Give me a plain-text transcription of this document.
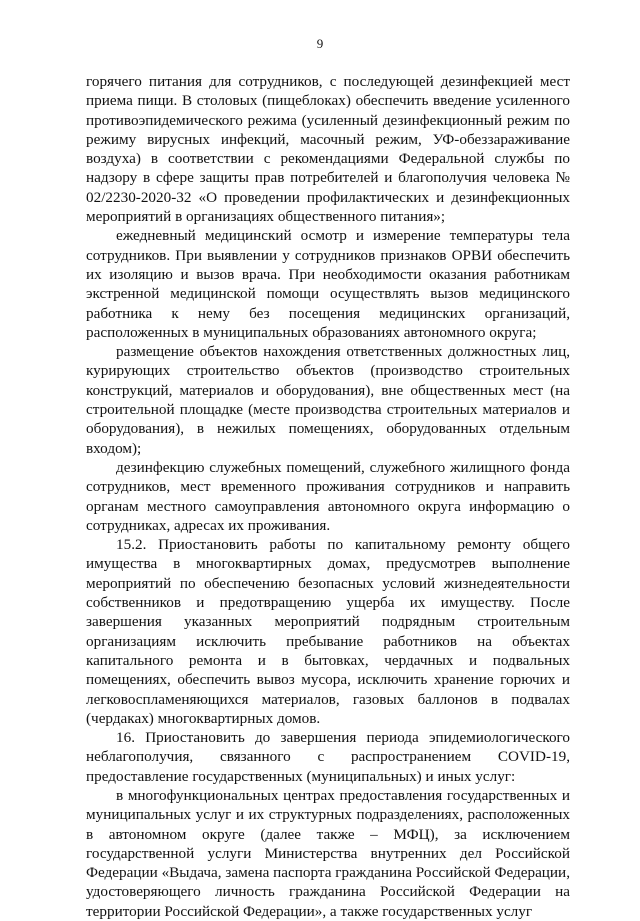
9

горячего питания для сотрудников, с последующей дезинфекцией мест приема пищи. В столовых (пищеблоках) обеспечить введение усиленного противоэпидемического режима (усиленный дезинфекционный режим по режиму вирусных инфекций, масочный режим, УФ-обеззараживание воздуха) в соответствии с рекомендациями Федеральной службы по надзору в сфере защиты прав потребителей и благополучия человека № 02/2230-2020-32 «О проведении профилактических и дезинфекционных мероприятий в организациях общественного питания»;

ежедневный медицинский осмотр и измерение температуры тела сотрудников. При выявлении у сотрудников признаков ОРВИ обеспечить их изоляцию и вызов врача. При необходимости оказания работникам экстренной медицинской помощи осуществлять вызов медицинского работника к нему без посещения медицинских организаций, расположенных в муниципальных образованиях автономного округа;

размещение объектов нахождения ответственных должностных лиц, курирующих строительство объектов (производство строительных конструкций, материалов и оборудования), вне общественных мест (на строительной площадке (месте производства строительных материалов и оборудования), в нежилых помещениях, оборудованных отдельным входом);

дезинфекцию служебных помещений, служебного жилищного фонда сотрудников, мест временного проживания сотрудников и направить органам местного самоуправления автономного округа информацию о сотрудниках, адресах их проживания.

15.2. Приостановить работы по капитальному ремонту общего имущества в многоквартирных домах, предусмотрев выполнение мероприятий по обеспечению безопасных условий жизнедеятельности собственников и предотвращению ущерба их имуществу. После завершения указанных мероприятий подрядным строительным организациям исключить пребывание работников на объектах капитального ремонта и в бытовках, чердачных и подвальных помещениях, обеспечить вывоз мусора, исключить хранение горючих и легковоспламеняющихся материалов, газовых баллонов в подвалах (чердаках) многоквартирных домов.

16. Приостановить до завершения периода эпидемиологического неблагополучия, связанного с распространением COVID-19, предоставление государственных (муниципальных) и иных услуг:

в многофункциональных центрах предоставления государственных и муниципальных услуг и их структурных подразделениях, расположенных в автономном округе (далее также – МФЦ), за исключением государственной услуги Министерства внутренних дел Российской Федерации «Выдача, замена паспорта гражданина Российской Федерации, удостоверяющего личность гражданина Российской Федерации на территории Российской Федерации», а также государственных услуг
